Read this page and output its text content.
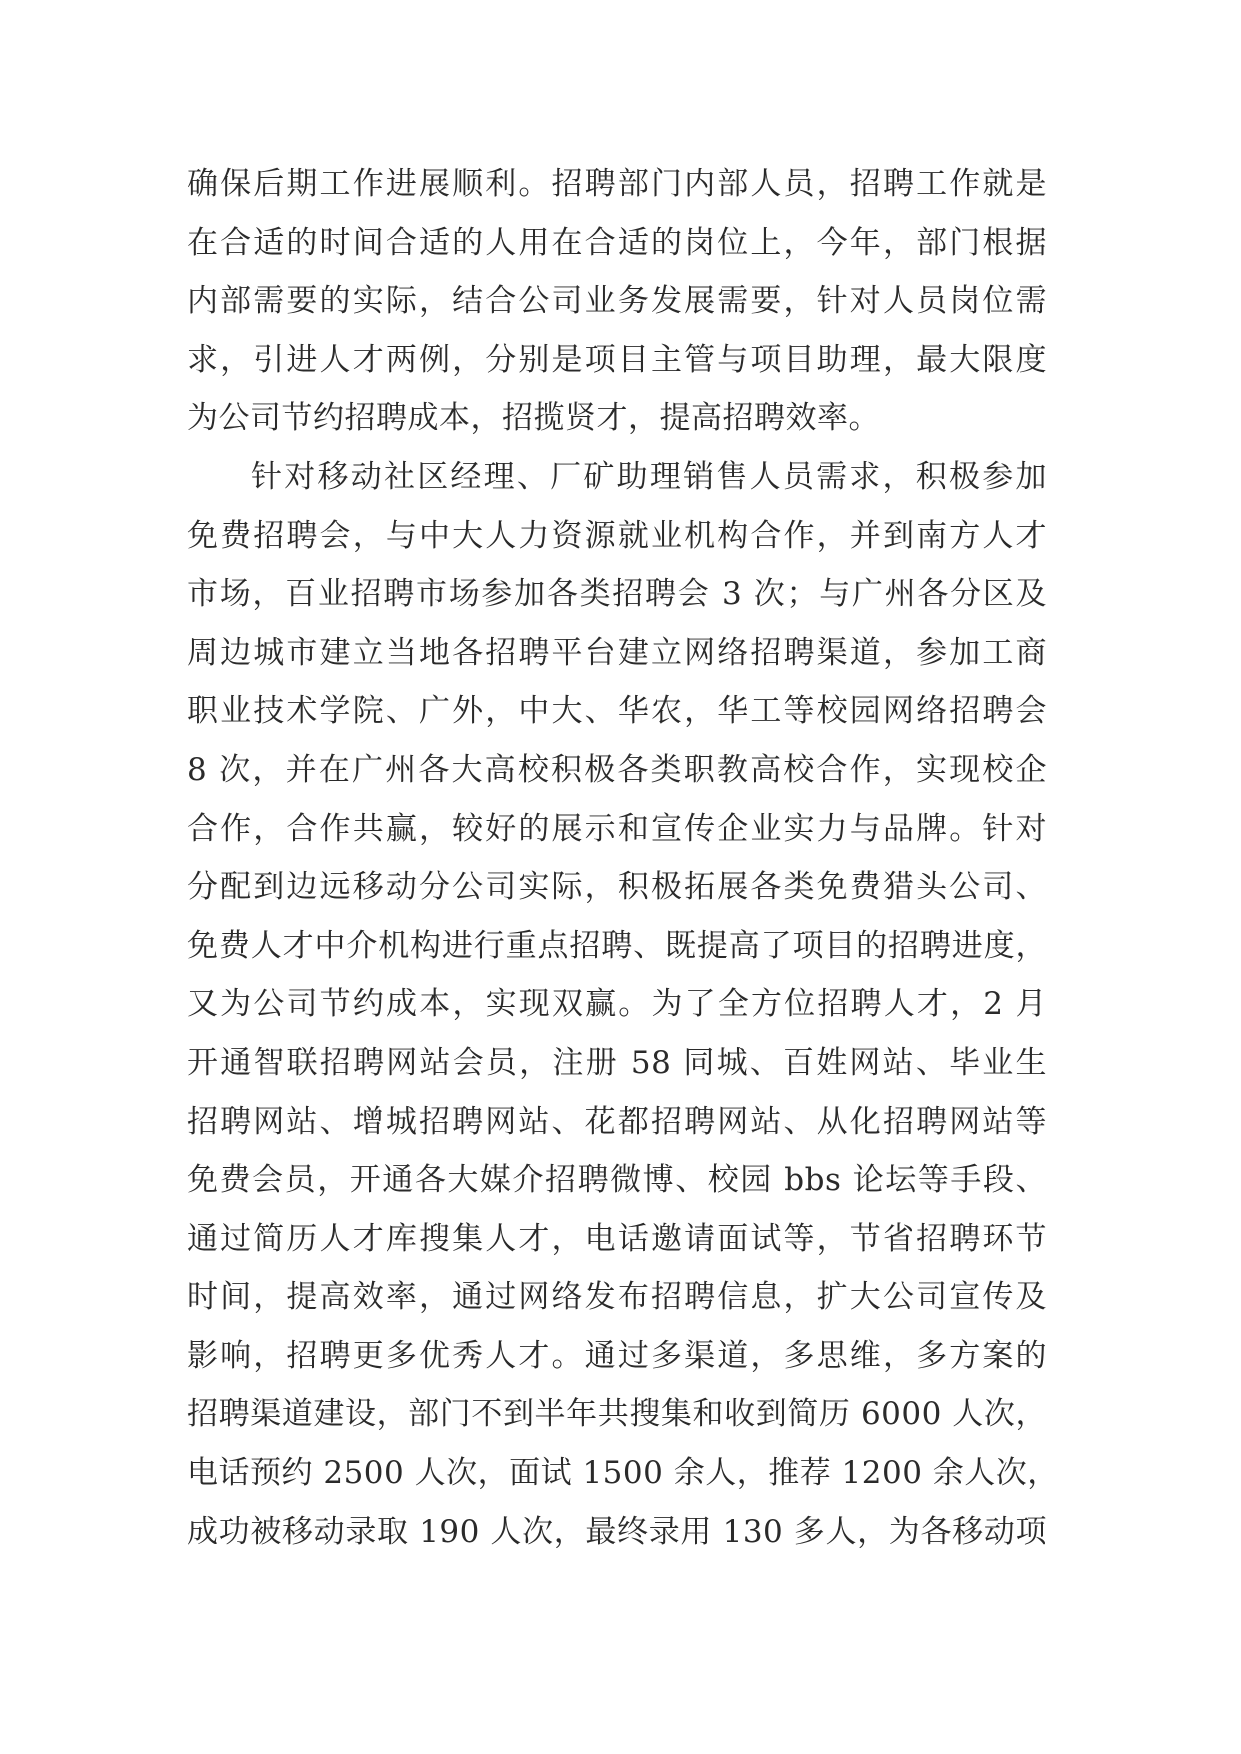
确保后期工作进展顺利。招聘部门内部人员，招聘工作就是
在合适的时间合适的人用在合适的岗位上，今年，部门根据
内部需要的实际，结合公司业务发展需要，针对人员岗位需
求，引进人才两例，分别是项目主管与项目助理，最大限度
为公司节约招聘成本，招揽贤才，提高招聘效率。
针对移动社区经理、厂矿助理销售人员需求，积极参加
免费招聘会，与中大人力资源就业机构合作，并到南方人才
市场，百业招聘市场参加各类招聘会 3 次；与广州各分区及
周边城市建立当地各招聘平台建立网络招聘渠道，参加工商
职业技术学院、广外，中大、华农，华工等校园网络招聘会
8 次，并在广州各大高校积极各类职教高校合作，实现校企
合作，合作共赢，较好的展示和宣传企业实力与品牌。针对
分配到边远移动分公司实际，积极拓展各类免费猎头公司、
免费人才中介机构进行重点招聘、既提高了项目的招聘进度，
又为公司节约成本，实现双赢。为了全方位招聘人才，2 月
开通智联招聘网站会员，注册 58 同城、百姓网站、毕业生
招聘网站、增城招聘网站、花都招聘网站、从化招聘网站等
免费会员，开通各大媒介招聘微博、校园 bbs 论坛等手段、
通过简历人才库搜集人才，电话邀请面试等，节省招聘环节
时间，提高效率，通过网络发布招聘信息，扩大公司宣传及
影响，招聘更多优秀人才。通过多渠道，多思维，多方案的
招聘渠道建设，部门不到半年共搜集和收到简历 6000 人次，
电话预约 2500 人次，面试 1500 余人，推荐 1200 余人次，
成功被移动录取 190 人次，最终录用 130 多人，为各移动项
